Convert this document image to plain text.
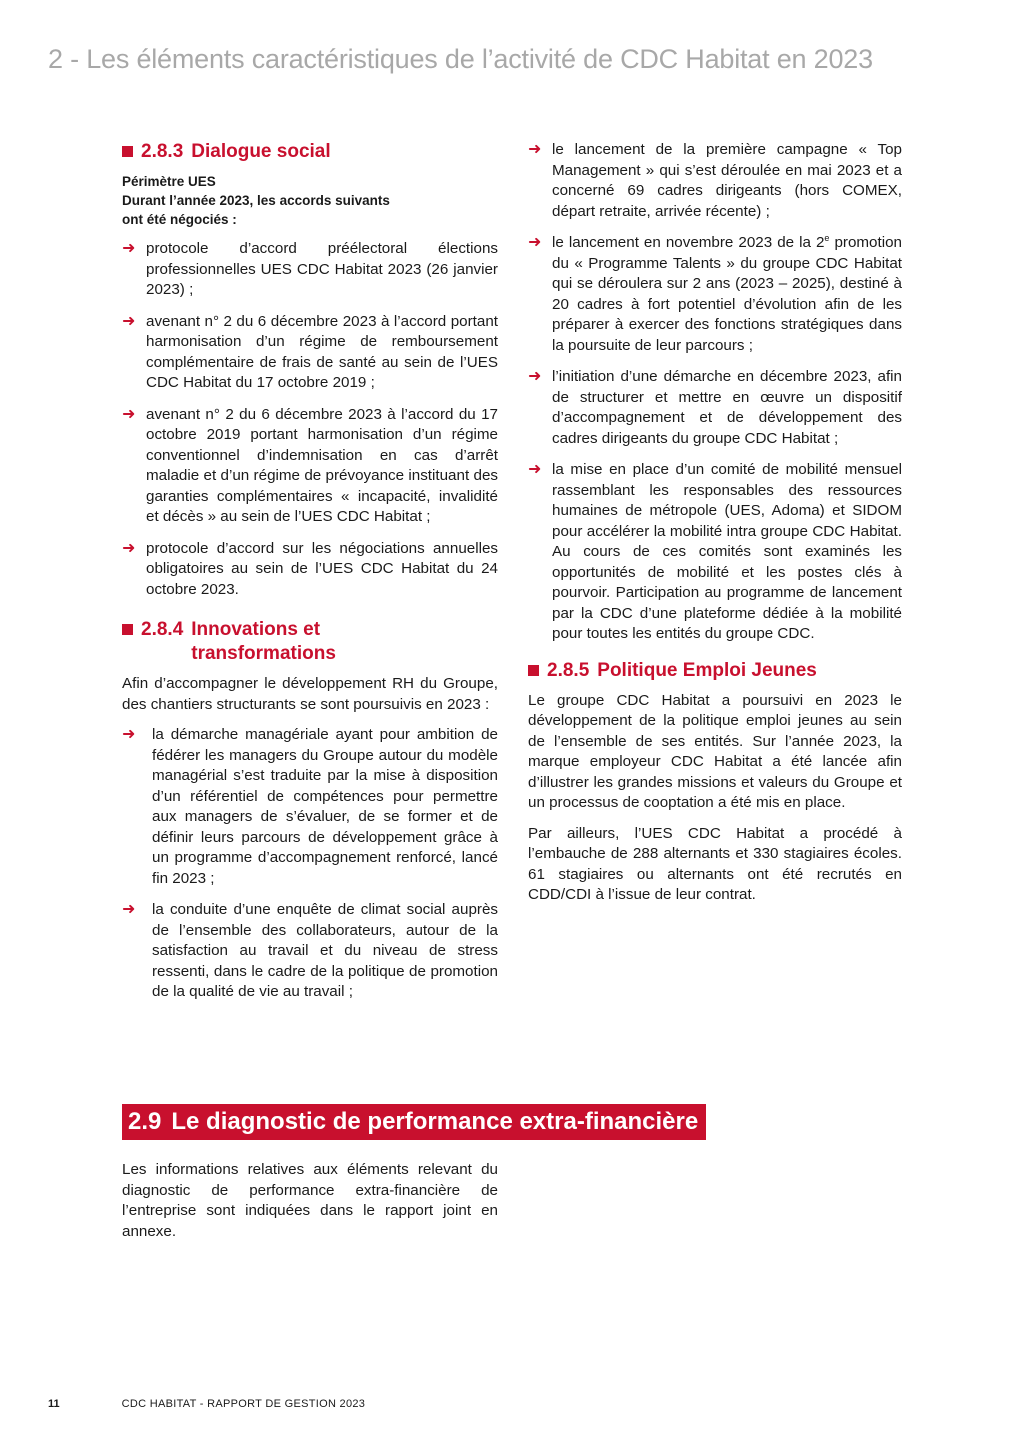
2 - Les éléments caractéristiques de l’activité de CDC Habitat en 2023
2.8.3 Dialogue social

Périmètre UES

Durant l’année 2023, les accords suivants

ont été négociés :

➜ protocole d’accord préélectoral élections professionnelles UES CDC Habitat 2023 (26 janvier 2023) ;
➜ avenant n° 2 du 6 décembre 2023 à l’accord portant harmonisation d’un régime de remboursement complémentaire de frais de santé au sein de l’UES CDC Habitat du 17 octobre 2019 ;
➜ avenant n° 2 du 6 décembre 2023 à l’accord du 17 octobre 2019 portant harmonisation d’un régime conventionnel d’indemnisation en cas d’arrêt maladie et d’un régime de prévoyance instituant des garanties complémentaires « incapacité, invalidité et décès » au sein de l’UES CDC Habitat ;
➜ protocole d’accord sur les négociations annuelles obligatoires au sein de l’UES CDC Habitat du 24 octobre 2023.
2.8.4 Innovations et
transformations

Afin d’accompagner le développement RH du Groupe, des chantiers structurants se sont poursuivis en 2023 :

➜	la démarche managériale ayant pour ambition de fédérer les managers du Groupe autour du modèle managérial s’est traduite par la mise à disposition d’un référentiel de compétences pour permettre aux managers de s’évaluer, de se former et de définir leurs parcours de développement grâce à un programme d’accompagnement renforcé, lancé fin 2023 ;
➜	la conduite d’une enquête de climat social auprès de l’ensemble des collaborateurs, autour de la satisfaction au travail et du niveau de stress ressenti, dans le cadre de la politique de promotion de la qualité de vie au travail ;
➜ le lancement de la première campagne « Top Management » qui s’est déroulée en mai 2023 et a concerné 69 cadres dirigeants (hors COMEX, départ retraite, arrivée récente) ;
➜ le lancement en novembre 2023 de la 2e promotion du « Programme Talents » du groupe CDC Habitat qui se déroulera sur 2 ans (2023 – 2025), destiné à 20 cadres à fort potentiel d’évolution afin de les préparer à exercer des fonctions stratégiques dans la poursuite de leur parcours ;
➜ l’initiation d’une démarche en décembre 2023, afin de structurer et mettre en œuvre un dispositif d’accompagnement et de développement des cadres dirigeants du groupe CDC Habitat ;
➜ la mise en place d’un comité de mobilité mensuel rassemblant les responsables des ressources humaines de métropole (UES, Adoma) et SIDOM pour accélérer la mobilité intra groupe CDC Habitat. Au cours de ces comités sont examinés les opportunités de mobilité et les postes clés à pourvoir. Participation au programme de lancement par la CDC d’une plateforme dédiée à la mobilité pour toutes les entités du groupe CDC.
2.8.5 Politique Emploi Jeunes

Le groupe CDC Habitat a poursuivi en 2023 le développement de la politique emploi jeunes au sein de l’ensemble de ses entités. Sur l’année 2023, la marque employeur CDC Habitat a été lancée afin d’illustrer les grandes missions et valeurs du Groupe et un processus de cooptation a été mis en place.

Par ailleurs, l’UES CDC Habitat a procédé à l’embauche de 288 alternants et 330 stagiaires écoles. 61 stagiaires ou alternants ont été recrutés en CDD/CDI à l’issue de leur contrat.

2.9 Le diagnostic de performance extra-financière

Les informations relatives aux éléments relevant du diagnostic de performance extra-financière de l’entreprise sont indiquées dans le rapport joint en annexe.

11	CDC HABITAT - RAPPORT DE GESTION 2023
